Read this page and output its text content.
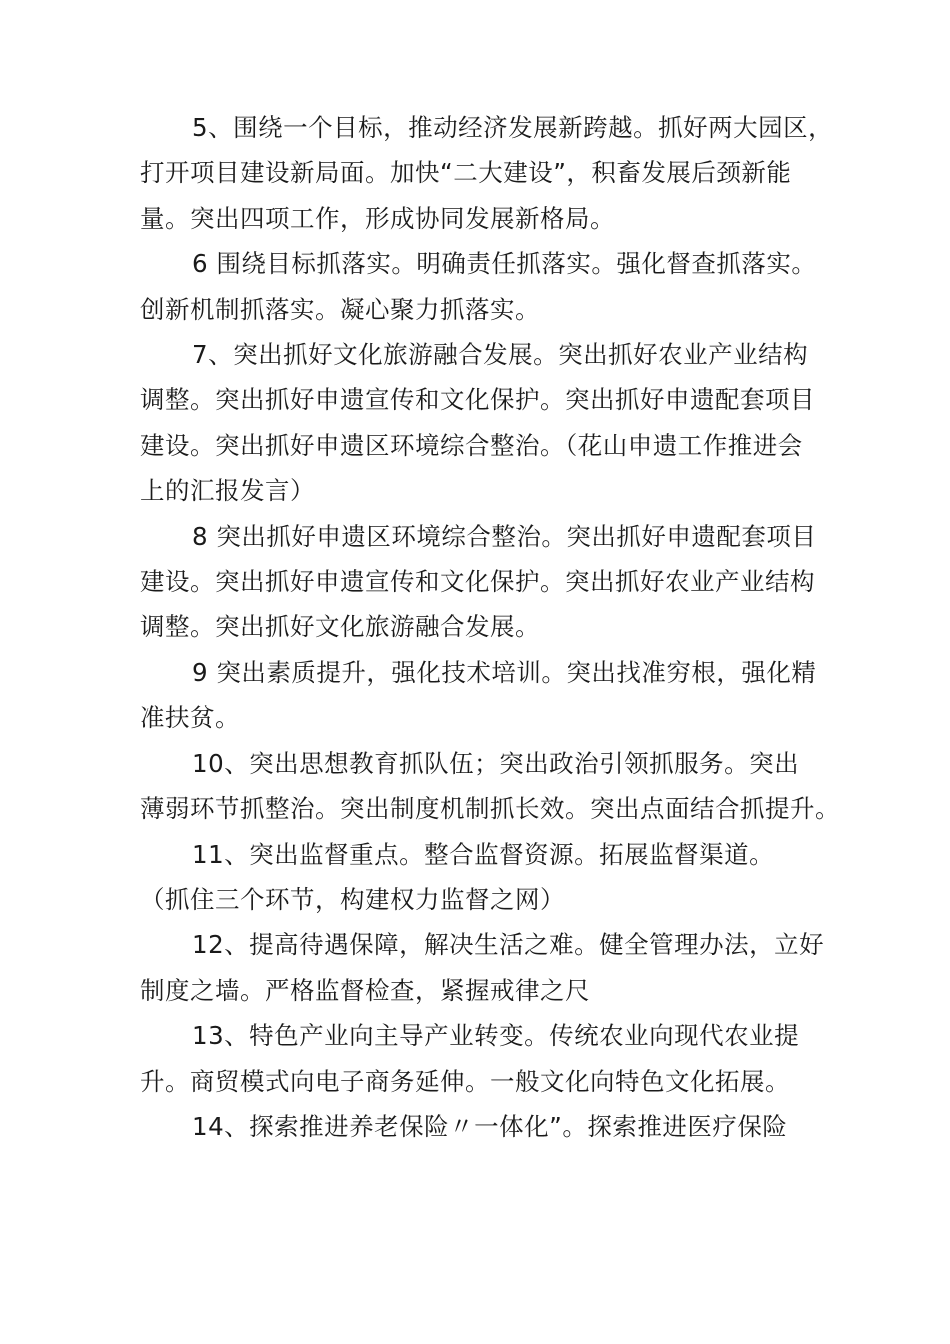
5、围绕一个目标，推动经济发展新跨越。抓好两大园区，
打开项目建设新局面。加快“二大建设”，积畜发展后颈新能
量。突出四项工作，形成协同发展新格局。
6 围绕目标抓落实。明确责任抓落实。强化督查抓落实。
创新机制抓落实。凝心聚力抓落实。
7、突出抓好文化旅游融合发展。突出抓好农业产业结构
调整。突出抓好申遗宣传和文化保护。突出抓好申遗配套项目
建设。突出抓好申遗区环境综合整治。（花山申遗工作推进会
上的汇报发言）
8 突出抓好申遗区环境综合整治。突出抓好申遗配套项目
建设。突出抓好申遗宣传和文化保护。突出抓好农业产业结构
调整。突出抓好文化旅游融合发展。
9 突出素质提升，强化技术培训。突出找准穷根，强化精
准扶贫。
10、突出思想教育抓队伍；突出政治引领抓服务。突出
薄弱环节抓整治。突出制度机制抓长效。突出点面结合抓提升。
11、突出监督重点。整合监督资源。拓展监督渠道。
（抓住三个环节，构建权力监督之网）
12、提高待遇保障，解决生活之难。健全管理办法，立好
制度之墙。严格监督检查，紧握戒律之尺
13、特色产业向主导产业转变。传统农业向现代农业提
升。商贸模式向电子商务延伸。一般文化向特色文化拓展。
14、探索推进养老保险〃一体化”。探索推进医疗保险
